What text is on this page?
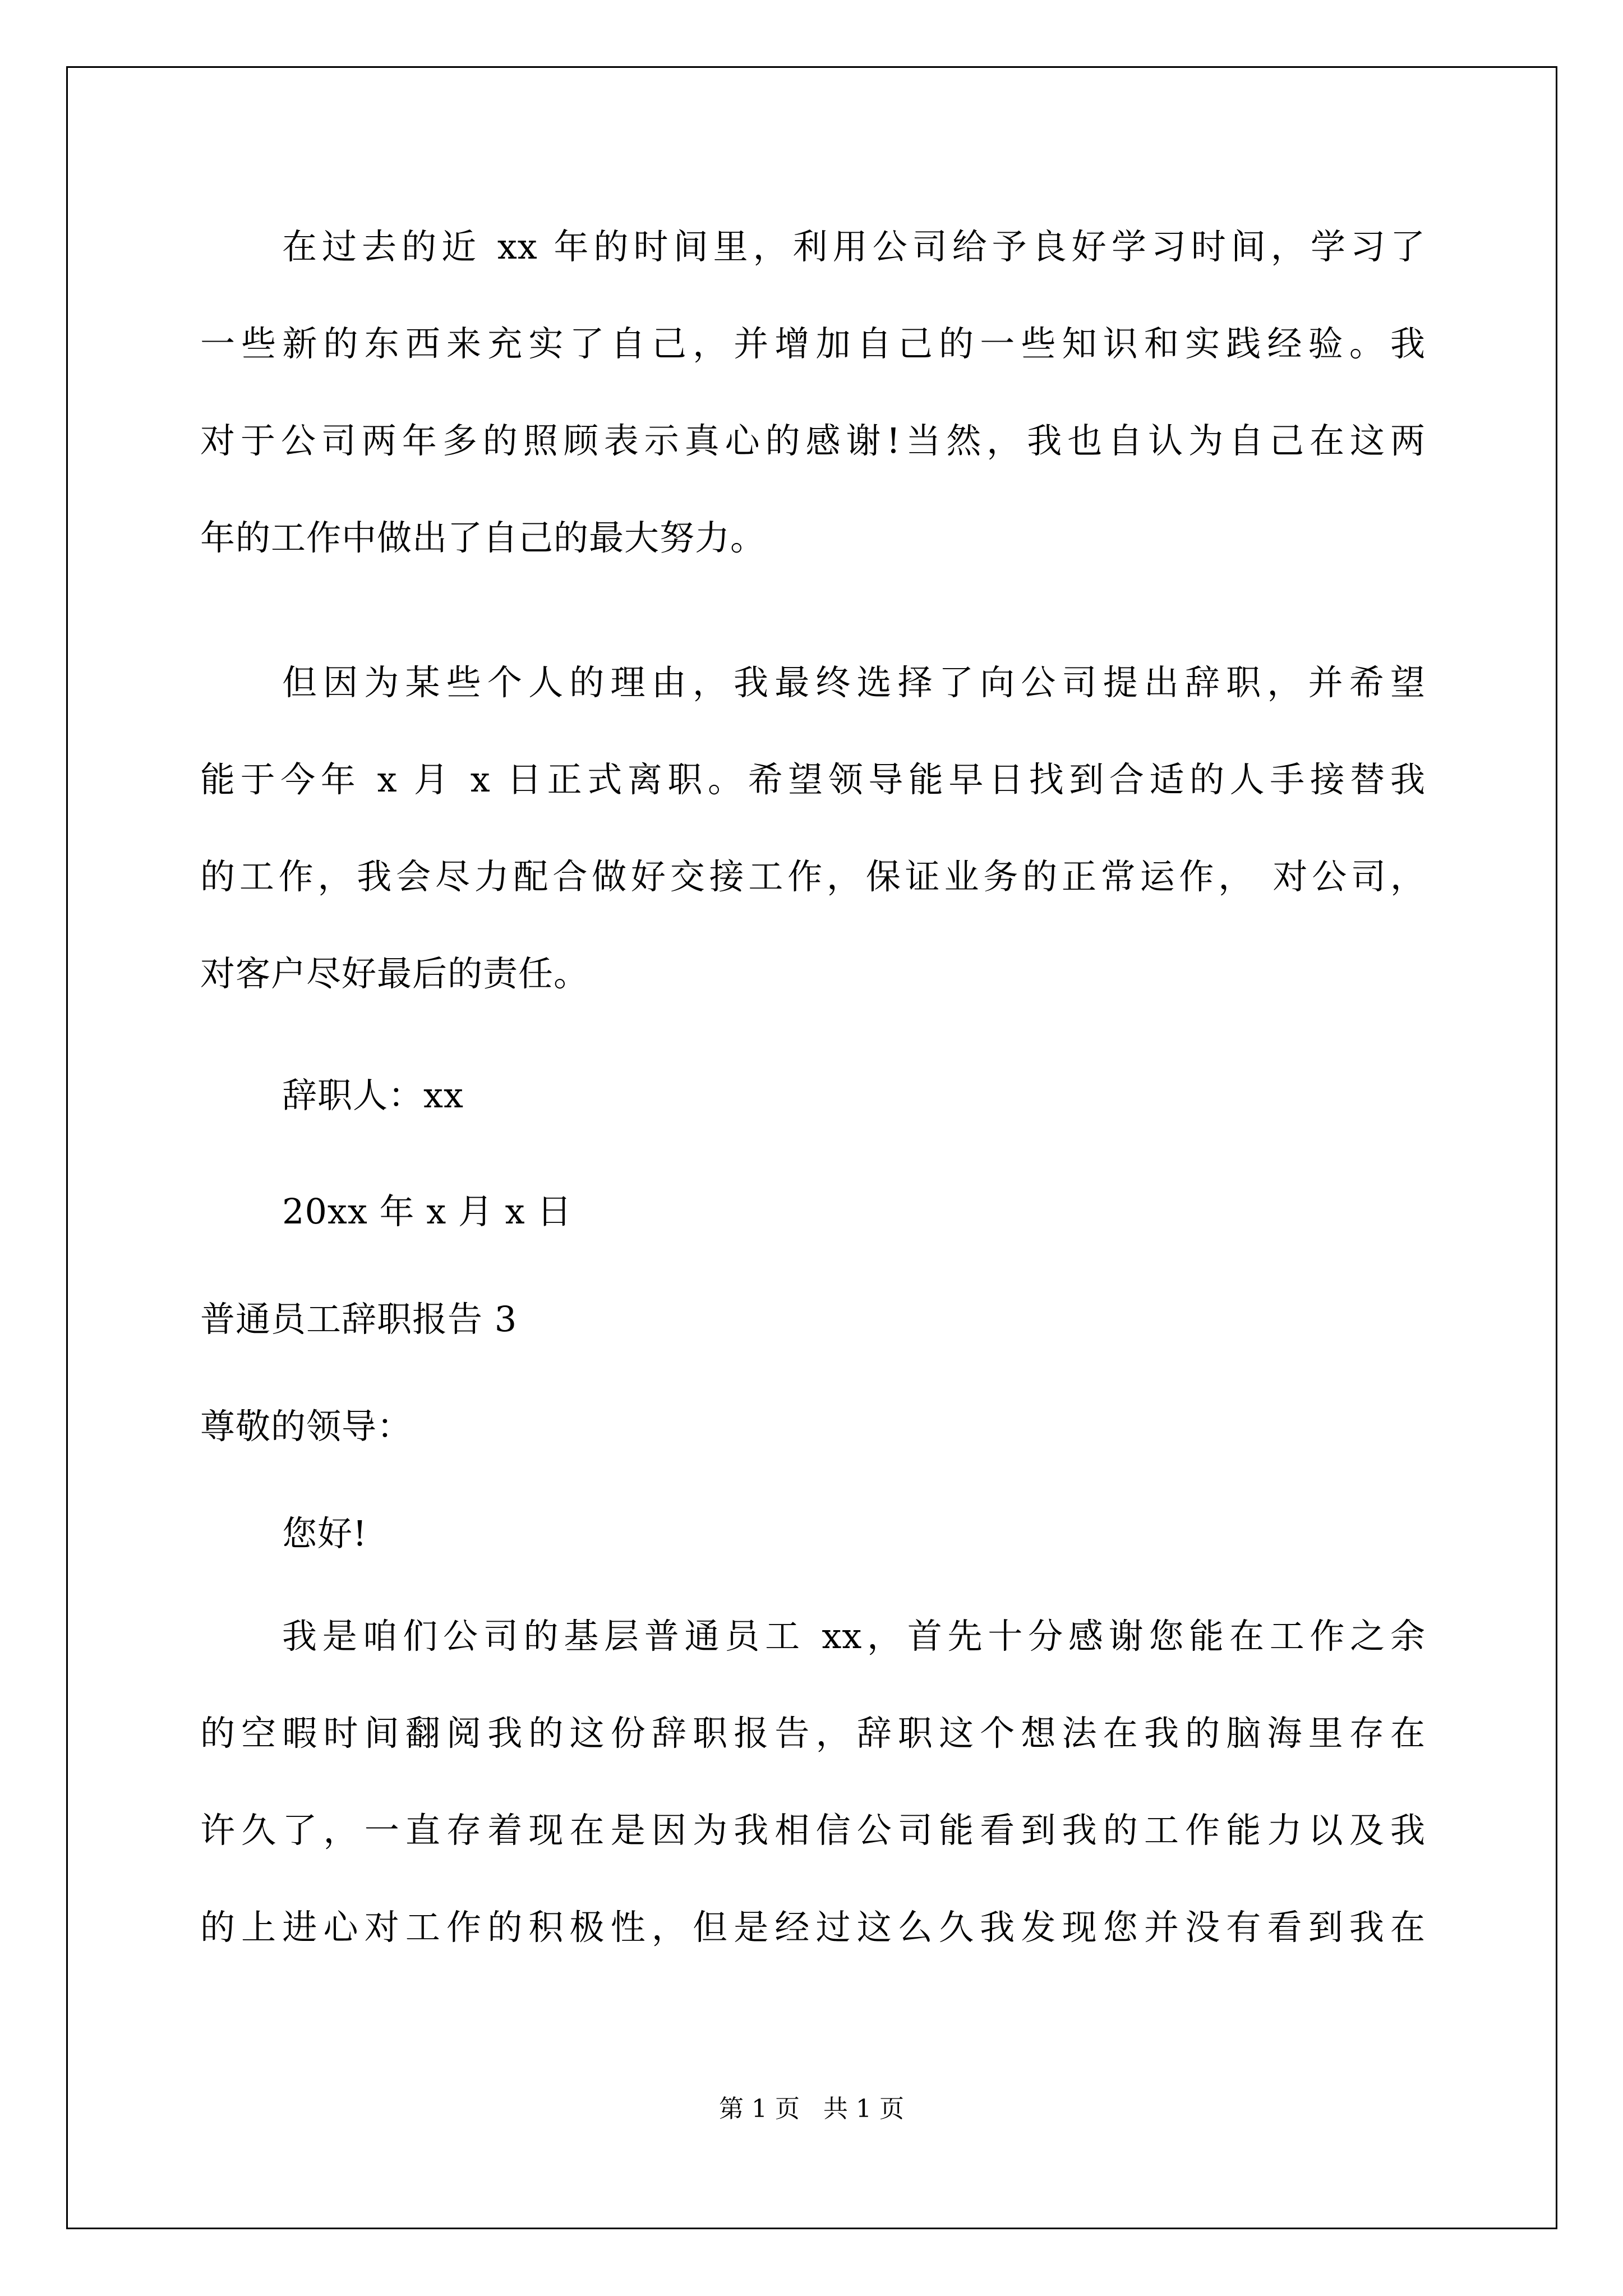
在过去的近 xx 年的时间里，利用公司给予良好学习时间，学习了
一些新的东西来充实了自己，并增加自己的一些知识和实践经验。我
对于公司两年多的照顾表示真心的感谢!当然，我也自认为自己在这两
年的工作中做出了自己的最大努力。
但因为某些个人的理由，我最终选择了向公司提出辞职，并希望
能于今年 x 月 x 日正式离职。希望领导能早日找到合适的人手接替我
的工作，我会尽力配合做好交接工作，保证业务的正常运作， 对公司，
对客户尽好最后的责任。
辞职人：xx
20xx 年 x 月 x 日
普通员工辞职报告 3
尊敬的领导：
您好!
我是咱们公司的基层普通员工 xx，首先十分感谢您能在工作之余
的空暇时间翻阅我的这份辞职报告，辞职这个想法在我的脑海里存在
许久了，一直存着现在是因为我相信公司能看到我的工作能力以及我
的上进心对工作的积极性，但是经过这么久我发现您并没有看到我在
第 1 页   共 1 页
